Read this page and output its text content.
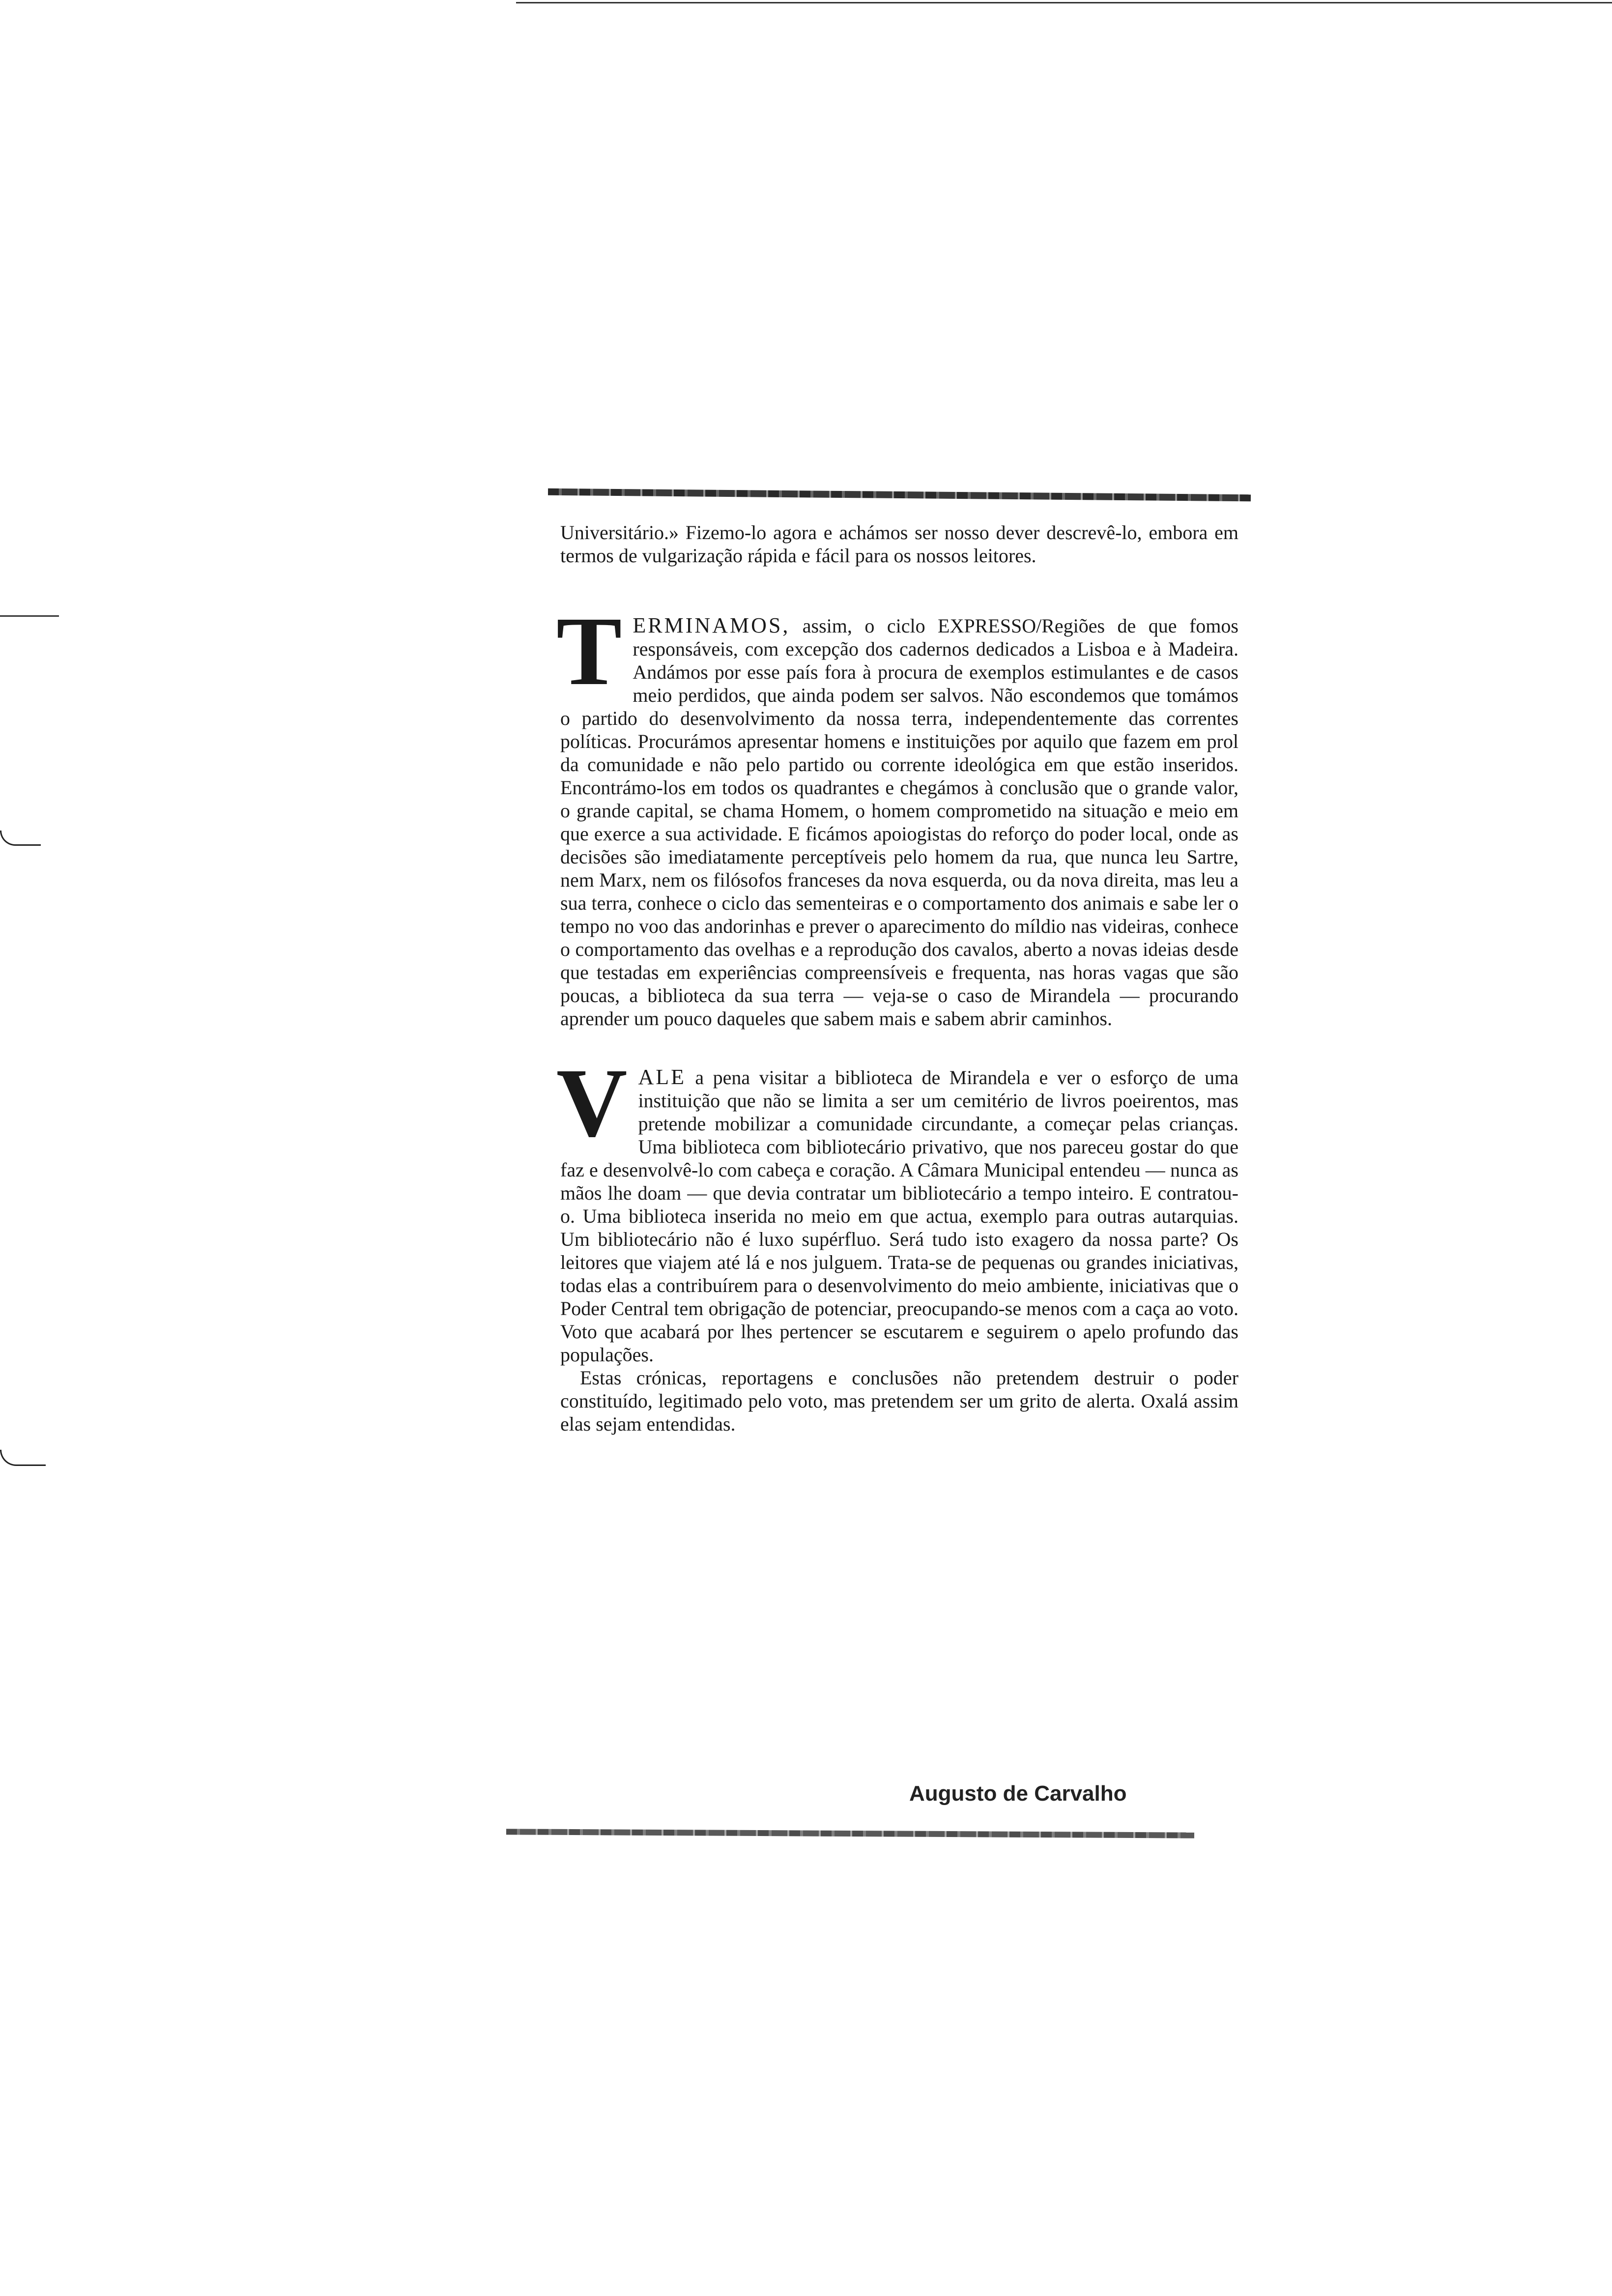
Universitário.» Fizemo-lo agora e achámos ser nosso dever descrevê-lo, embora em termos de vulgarização rápida e fácil para os nossos leitores.

TERMINAMOS, assim, o ciclo EXPRESSO/Regiões de que fomos responsáveis, com excepção dos cadernos dedicados a Lisboa e à Madeira. Andámos por esse país fora à procura de exemplos estimulantes e de casos meio perdidos, que ainda podem ser salvos. Não escondemos que tomámos o partido do desenvolvimento da nossa terra, independentemente das correntes políticas. Procurámos apresentar homens e instituições por aquilo que fazem em prol da comunidade e não pelo partido ou corrente ideológica em que estão inseridos. Encontrámo-los em todos os quadrantes e chegámos à conclusão que o grande valor, o grande capital, se chama Homem, o homem comprometido na situação e meio em que exerce a sua actividade. E ficámos apoiogistas do reforço do poder local, onde as decisões são imediatamente perceptíveis pelo homem da rua, que nunca leu Sartre, nem Marx, nem os filósofos franceses da nova esquerda, ou da nova direita, mas leu a sua terra, conhece o ciclo das sementeiras e o comportamento dos animais e sabe ler o tempo no voo das andorinhas e prever o aparecimento do míldio nas videiras, conhece o comportamento das ovelhas e a reprodução dos cavalos, aberto a novas ideias desde que testadas em experiências compreensíveis e frequenta, nas horas vagas que são poucas, a biblioteca da sua terra — veja-se o caso de Mirandela — procurando aprender um pouco daqueles que sabem mais e sabem abrir caminhos.

VALE a pena visitar a biblioteca de Mirandela e ver o esforço de uma instituição que não se limita a ser um cemitério de livros poeirentos, mas pretende mobilizar a comunidade circundante, a começar pelas crianças. Uma biblioteca com bibliotecário privativo, que nos pareceu gostar do que faz e desenvolvê-lo com cabeça e coração. A Câmara Municipal entendeu — nunca as mãos lhe doam — que devia contratar um bibliotecário a tempo inteiro. E contratou-o. Uma biblioteca inserida no meio em que actua, exemplo para outras autarquias. Um bibliotecário não é luxo supérfluo. Será tudo isto exagero da nossa parte? Os leitores que viajem até lá e nos julguem. Trata-se de pequenas ou grandes iniciativas, todas elas a contribuírem para o desenvolvimento do meio ambiente, iniciativas que o Poder Central tem obrigação de potenciar, preocupando-se menos com a caça ao voto. Voto que acabará por lhes pertencer se escutarem e seguirem o apelo profundo das populações.

Estas crónicas, reportagens e conclusões não pretendem destruir o poder constituído, legitimado pelo voto, mas pretendem ser um grito de alerta. Oxalá assim elas sejam entendidas.

Augusto de Carvalho
